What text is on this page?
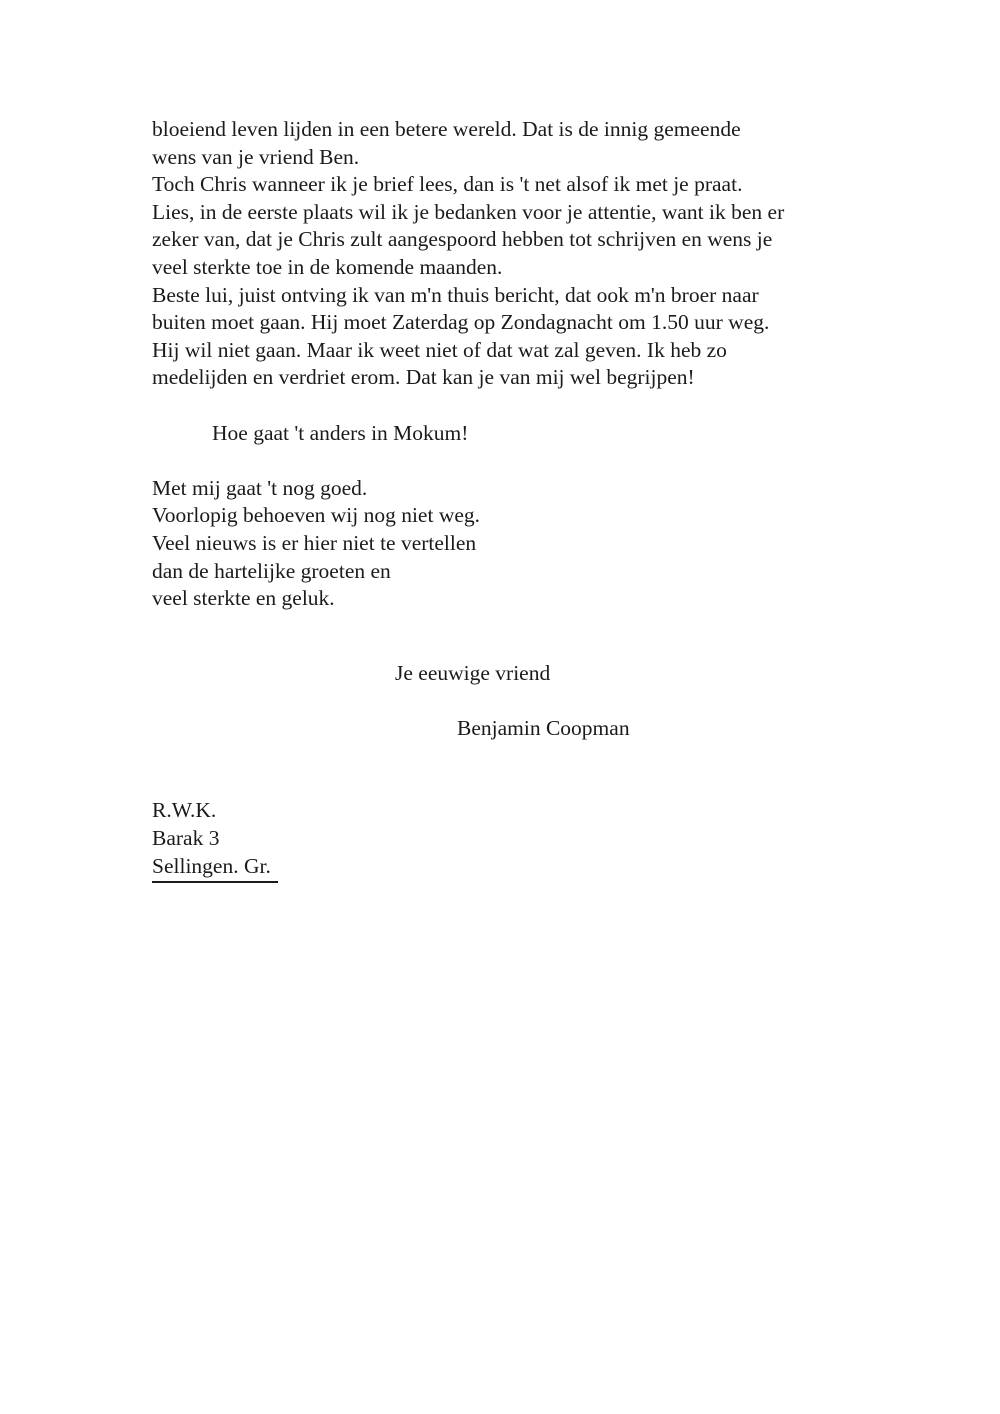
bloeiend leven lijden in een betere wereld. Dat is de innig gemeende
wens van je vriend Ben.
Toch Chris wanneer ik je brief lees, dan is 't net alsof ik met je praat.
Lies, in de eerste plaats wil ik je bedanken voor je attentie, want ik ben er
zeker van, dat je Chris zult aangespoord hebben tot schrijven en wens je
veel sterkte toe in de komende maanden.
Beste lui, juist ontving ik van m'n thuis bericht, dat ook m'n broer naar
buiten moet gaan. Hij moet Zaterdag op Zondagnacht om 1.50 uur weg.
Hij wil niet gaan. Maar ik weet niet of dat wat zal geven. Ik heb zo
medelijden en verdriet erom. Dat kan je van mij wel begrijpen!
Hoe gaat 't anders in Mokum!
Met mij gaat 't nog goed.
Voorlopig behoeven wij nog niet weg.
Veel nieuws is er hier niet te vertellen
dan de hartelijke groeten en
veel sterkte en geluk.
Je eeuwige vriend
Benjamin Coopman
R.W.K.
Barak 3
Sellingen. Gr.
